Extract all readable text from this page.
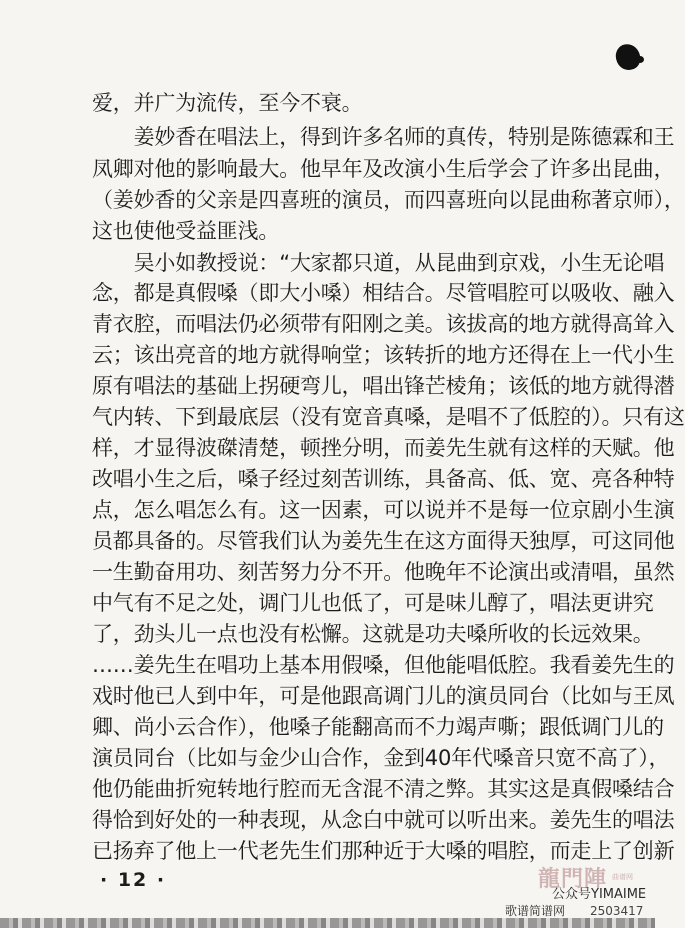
爱，并广为流传，至今不衰。
　　姜妙香在唱法上，得到许多名师的真传，特别是陈德霖和王
凤卿对他的影响最大。他早年及改演小生后学会了许多出昆曲，
（姜妙香的父亲是四喜班的演员，而四喜班向以昆曲称著京师），
这也使他受益匪浅。
　　吴小如教授说：“大家都只道，从昆曲到京戏，小生无论唱
念，都是真假嗓（即大小嗓）相结合。尽管唱腔可以吸收、融入
青衣腔，而唱法仍必须带有阳刚之美。该拔高的地方就得高耸入
云；该出亮音的地方就得响堂；该转折的地方还得在上一代小生
原有唱法的基础上拐硬弯儿，唱出锋芒棱角；该低的地方就得潜
气内转、下到最底层（没有宽音真嗓，是唱不了低腔的）。只有这
样，才显得波磔清楚，顿挫分明，而姜先生就有这样的天赋。他
改唱小生之后，嗓子经过刻苦训练，具备高、低、宽、亮各种特
点，怎么唱怎么有。这一因素，可以说并不是每一位京剧小生演
员都具备的。尽管我们认为姜先生在这方面得天独厚，可这同他
一生勤奋用功、刻苦努力分不开。他晚年不论演出或清唱，虽然
中气有不足之处，调门儿也低了，可是味儿醇了，唱法更讲究
了，劲头儿一点也没有松懈。这就是功夫嗓所收的长远效果。
……姜先生在唱功上基本用假嗓，但他能唱低腔。我看姜先生的
戏时他已人到中年，可是他跟高调门儿的演员同台（比如与王凤
卿、尚小云合作），他嗓子能翻高而不力竭声嘶；跟低调门儿的
演员同台（比如与金少山合作，金到40年代嗓音只宽不高了），
他仍能曲折宛转地行腔而无含混不清之弊。其实这是真假嗓结合
得恰到好处的一种表现，从念白中就可以听出来。姜先生的唱法
已扬弃了他上一代老先生们那种近于大嗓的唱腔，而走上了创新
· 12 ·	龍門陣 曲谱网
公众号YIMAIME
歌谱简谱网 2503417
